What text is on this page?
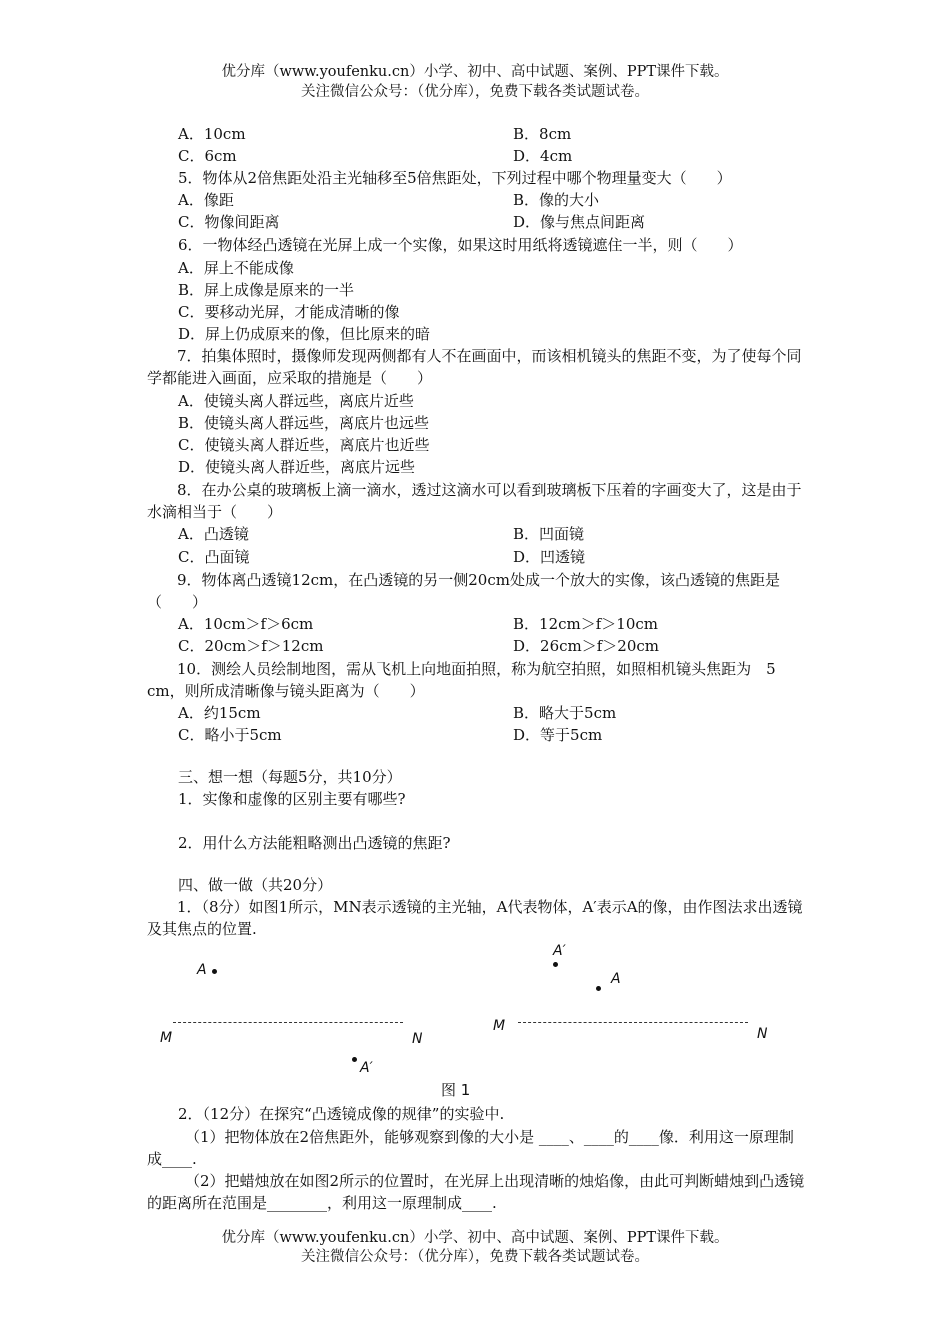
优分库（www.youfenku.cn）小学、初中、高中试题、案例、PPT课件下载。
关注微信公众号：（优分库），免费下载各类试题试卷。
A．10cm	B．8cm
C．6cm	D．4cm
5．物体从2倍焦距处沿主光轴移至5倍焦距处，下列过程中哪个物理量变大（　　）
A．像距	B．像的大小
C．物像间距离	D．像与焦点间距离
6．一物体经凸透镜在光屏上成一个实像，如果这时用纸将透镜遮住一半，则（　　）
A．屏上不能成像
B．屏上成像是原来的一半
C．要移动光屏，才能成清晰的像
D．屏上仍成原来的像，但比原来的暗
7．拍集体照时，摄像师发现两侧都有人不在画面中，而该相机镜头的焦距不变，为了使每个同学都能进入画面，应采取的措施是（　　）
A．使镜头离人群远些，离底片近些
B．使镜头离人群远些，离底片也远些
C．使镜头离人群近些，离底片也近些
D．使镜头离人群近些，离底片远些
8．在办公桌的玻璃板上滴一滴水，透过这滴水可以看到玻璃板下压着的字画变大了，这是由于水滴相当于（　　）
A．凸透镜	B．凹面镜
C．凸面镜	D．凹透镜
9．物体离凸透镜12cm，在凸透镜的另一侧20cm处成一个放大的实像，该凸透镜的焦距是（　　）
A．10cm＞f＞6cm	B．12cm＞f＞10cm
C．20cm＞f＞12cm	D．26cm＞f＞20cm
10．测绘人员绘制地图，需从飞机上向地面拍照，称为航空拍照，如照相机镜头焦距为　5 cm，则所成清晰像与镜头距离为（　　）
A．约15cm	B．略大于5cm
C．略小于5cm	D．等于5cm
三、想一想（每题5分，共10分）
1．实像和虚像的区别主要有哪些?
2．用什么方法能粗略测出凸透镜的焦距?
四、做一做（共20分）
1．（8分）如图1所示，MN表示透镜的主光轴，A代表物体，A′表示A的像，由作图法求出透镜及其焦点的位置.
A
M	N
A′
A′
A
M	N
图 1
2．（12分）在探究“凸透镜成像的规律”的实验中.
（1）把物体放在2倍焦距外，能够观察到像的大小是 ____、____的____像．利用这一原理制成____.
（2）把蜡烛放在如图2所示的位置时，在光屏上出现清晰的烛焰像，由此可判断蜡烛到凸透镜的距离所在范围是________，利用这一原理制成____.
优分库（www.youfenku.cn）小学、初中、高中试题、案例、PPT课件下载。
关注微信公众号：（优分库），免费下载各类试题试卷。
